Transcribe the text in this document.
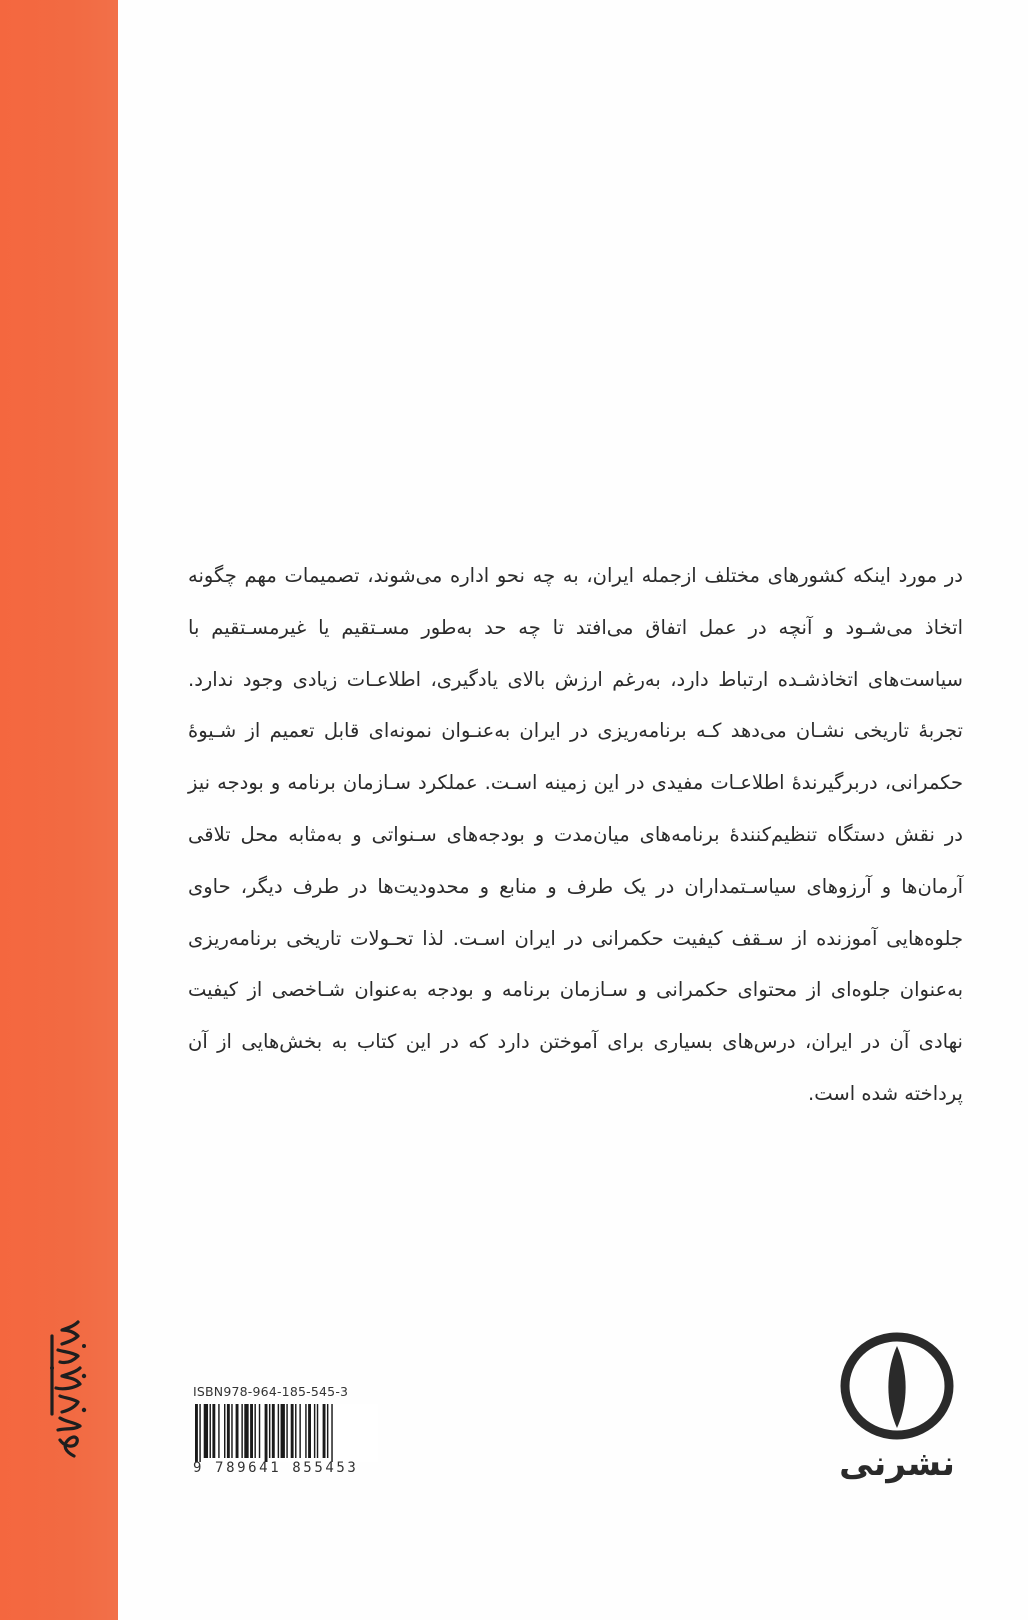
در مورد اینکه کشورهای مختلف ازجمله ایران، به چه نحو اداره می‌شوند، تصمیمات مهم چگونه اتخاذ می‌شـود و آنچه در عمل اتفاق می‌افتد تا چه حد به‌طور مسـتقیم یا غیرمسـتقیم با سیاست‌های اتخاذشـده ارتباط دارد، به‌رغم ارزش بالای یادگیری، اطلاعـات زیادی وجود ندارد. تجربۀ تاریخی نشـان می‌دهد کـه برنامه‌ریزی در ایران به‌عنـوان نمونه‌ای قابل تعمیم از شـیوۀ حکمرانی، دربرگیرندۀ اطلاعـات مفیدی در این زمینه اسـت. عملکرد سـازمان برنامه و بودجه نیز در نقش دستگاه تنظیم‌کنندۀ برنامه‌های میان‌مدت و بودجه‌های سـنواتی و به‌مثابه محل تلاقی آرمان‌ها و آرزوهای سیاسـتمداران در یک طرف و منابع و محدودیت‌ها در طرف دیگر، حاوی جلوه‌هایی آموزنده از سـقف کیفیت حکمرانی در ایران اسـت. لذا تحـولات تاریخی برنامه‌ریزی به‌عنوان جلوه‌ای از محتوای حکمرانی و سـازمان برنامه و بودجه به‌عنوان شـاخصی از کیفیت نهادی آن در ایران، درس‌های بسیاری برای آموختن دارد که در این کتاب به بخش‌هایی از آن پرداخته شده است.

ISBN978-964-185-545-3
9 789641 855453	نشرنی
